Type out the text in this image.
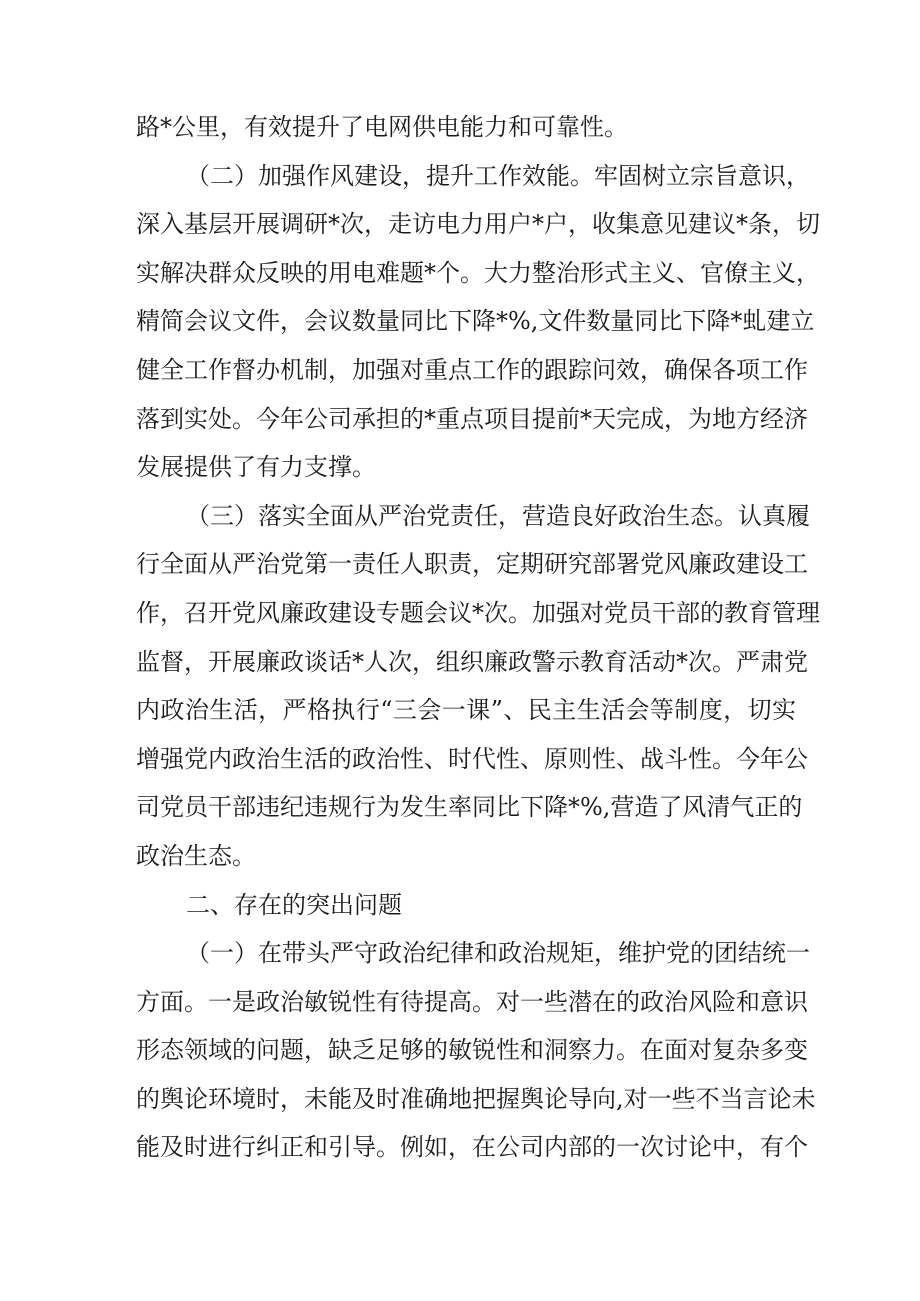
路*公里，有效提升了电网供电能力和可靠性。
（二）加强作风建设，提升工作效能。牢固树立宗旨意识，
深入基层开展调研*次，走访电力用户*户，收集意见建议*条，切
实解决群众反映的用电难题*个。大力整治形式主义、官僚主义，
精简会议文件，会议数量同比下降*%,文件数量同比下降*虬建立
健全工作督办机制，加强对重点工作的跟踪问效，确保各项工作
落到实处。今年公司承担的*重点项目提前*天完成，为地方经济
发展提供了有力支撑。
（三）落实全面从严治党责任，营造良好政治生态。认真履
行全面从严治党第一责任人职责，定期研究部署党风廉政建设工
作，召开党风廉政建设专题会议*次。加强对党员干部的教育管理
监督，开展廉政谈话*人次，组织廉政警示教育活动*次。严肃党
内政治生活，严格执行“三会一课”、民主生活会等制度，切实
增强党内政治生活的政治性、时代性、原则性、战斗性。今年公
司党员干部违纪违规行为发生率同比下降*%,营造了风清气正的
政治生态。
二、存在的突出问题
（一）在带头严守政治纪律和政治规矩，维护党的团结统一
方面。一是政治敏锐性有待提高。对一些潜在的政治风险和意识
形态领域的问题，缺乏足够的敏锐性和洞察力。在面对复杂多变
的舆论环境时，未能及时准确地把握舆论导向,对一些不当言论未
能及时进行纠正和引导。例如，在公司内部的一次讨论中，有个
